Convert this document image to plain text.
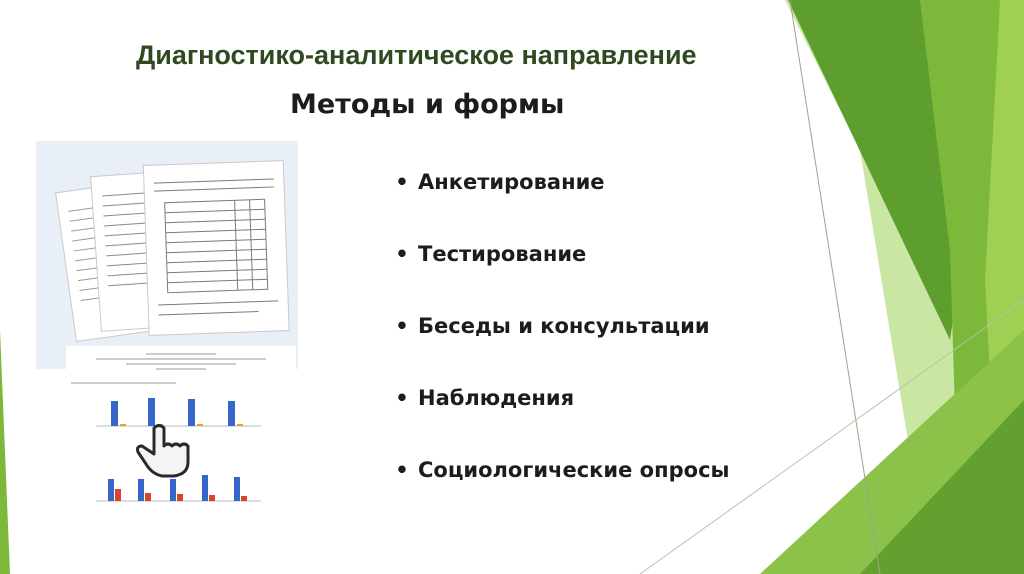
Диагностико-аналитическое направление
Методы и формы
• Анкетирование
• Тестирование
• Беседы и консультации
• Наблюдения
• Социологические опросы
